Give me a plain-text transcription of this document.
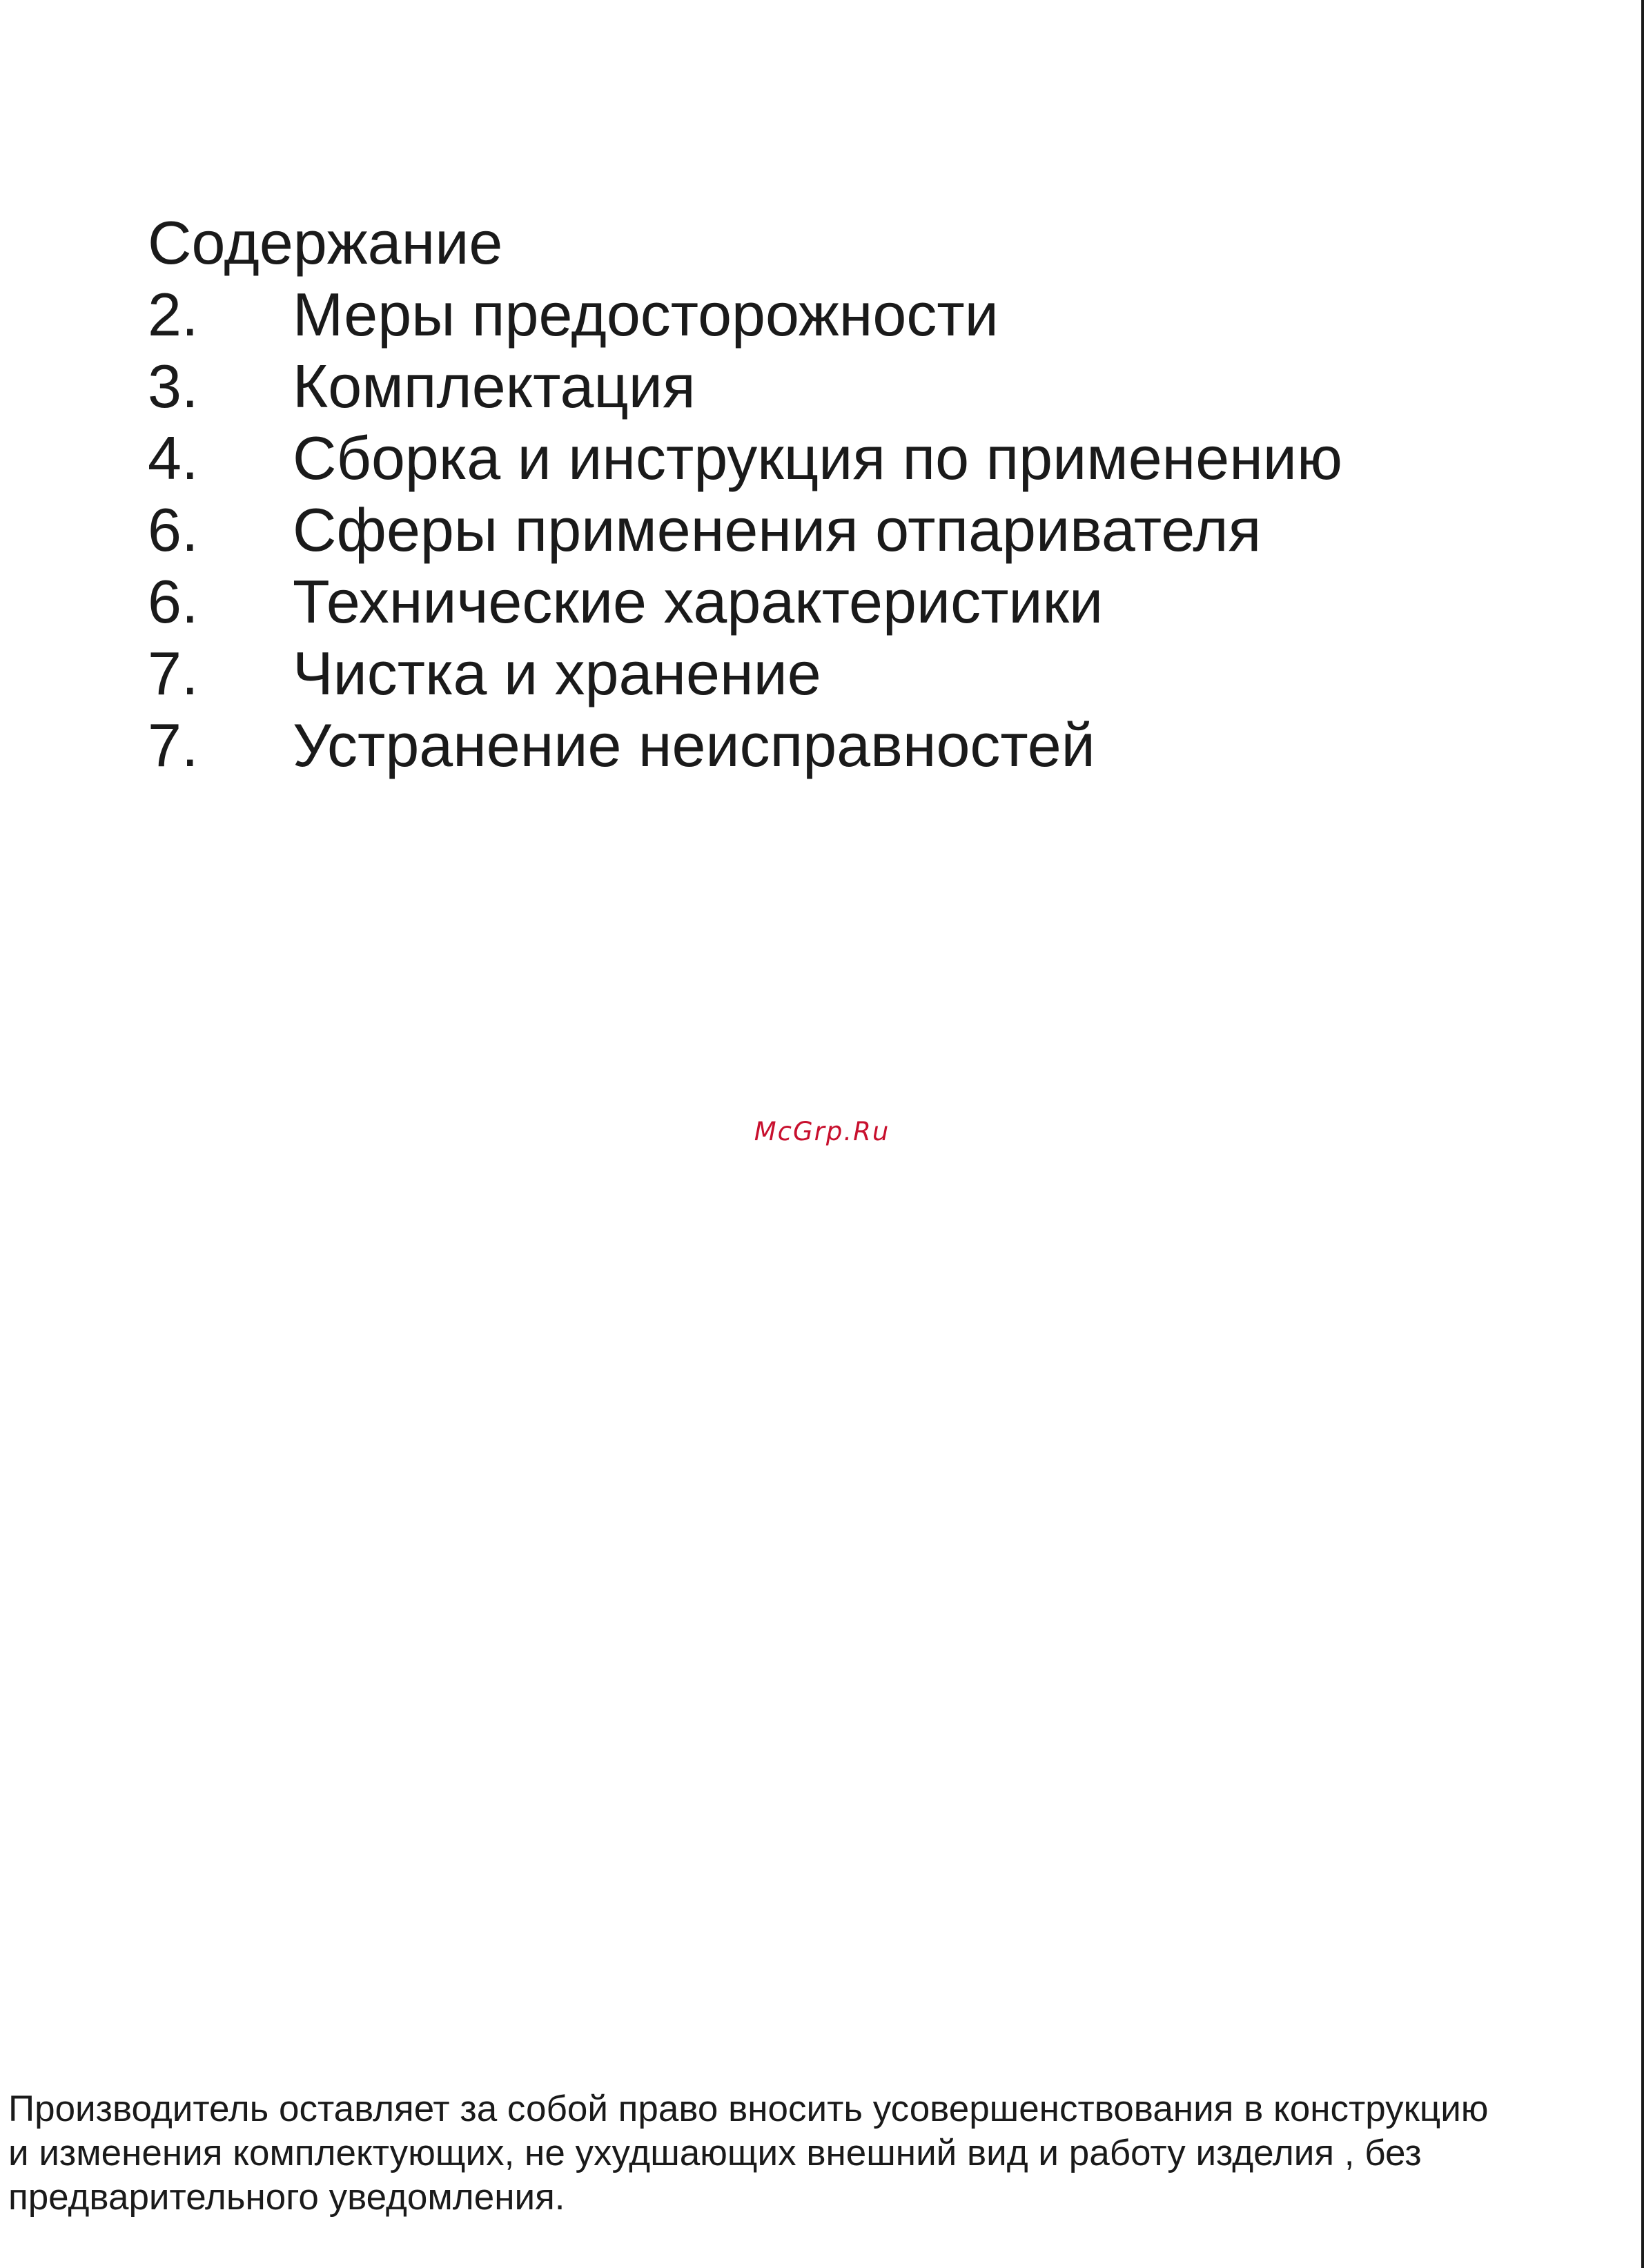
Содержание
2.	Меры предосторожности
3.	Комплектация
4.	Сборка и инструкция по применению
6.	Сферы применения отпаривателя
6.	Технические характеристики
7.	Чистка и хранение
7.	Устранение неисправностей
McGrp.Ru
Производитель оставляет за собой право вносить усовершенствования в конструкцию
и изменения комплектующих, не ухудшающих внешний вид и работу изделия , без
предварительного уведомления.
